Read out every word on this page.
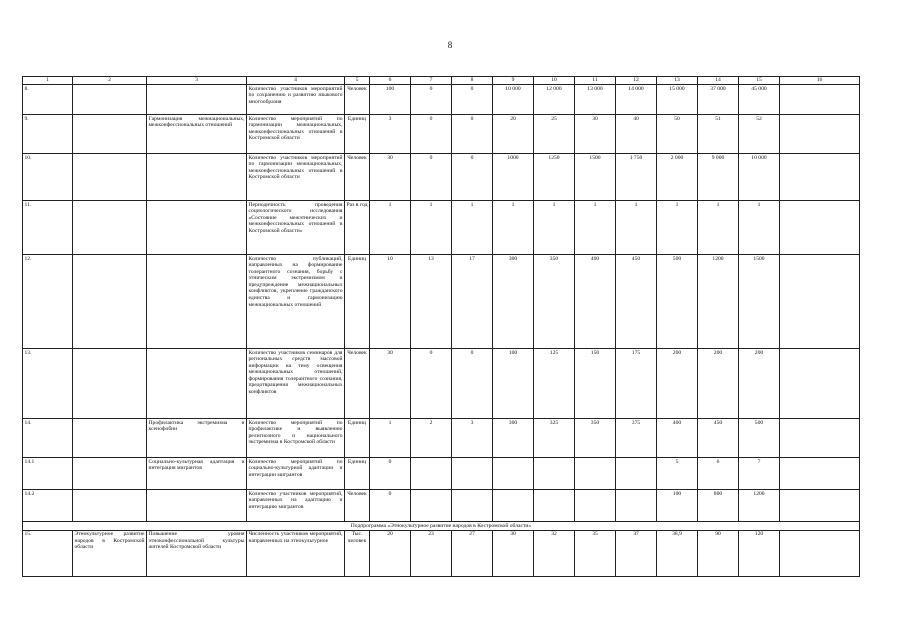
8
1	2	3	4	5	6	7	8	9	10	11	12	13	14	15	16
8.			Количество участников мероприятий по сохранению и развитию языкового многообразия	Человек	100	0	0	10 000	12 000	13 000	14 000	15 000	37 000	45 000	
9.		Гармонизация межнациональных, межконфессиональных отношений	Количество мероприятий по гармонизации межнациональных, межконфессиональных отношений в Костромской области	Единиц	3	0	0	20	25	30	40	50	51	52	
10.			Количество участников мероприятий по гармонизации межнациональных, межконфессиональных отношений в Костромской области	Человек	30	0	0	1000	1250	1500	1 750	2 000	9 000	10 000	
11.			Периодичность проведения социологического исследования «Состояние межэтнических и межконфессиональных отношений в Костромской области»	Раз в год	1	1	1	1	1	1	1	1	1	1	
12.			Количество публикаций, направленных на формирование толерантного сознания, борьбу с этническим экстремизмом и предупреждение межнациональных конфликтов, укрепление гражданского единства и гармонизацию межнациональных отношений	Единиц	10	13	17	300	350	400	450	500	1200	1500	
13.			Количество участников семинаров для региональных средств массовой информации на тему освещения межнациональных отношений, формирования толерантного сознания, предотвращения межнациональных конфликтов	Человек	30	0	0	100	125	150	175	200	200	200	
14.		Профилактика экстремизма и ксенофобии	Количество мероприятий по профилактике и выявлению религиозного и национального экстремизма в Костромской области	Единиц	1	2	3	300	325	350	375	400	450	500	
14.1		Социально-культурная адаптация и интеграция мигрантов	Количество мероприятий по социально-культурной адаптации и интеграции мигрантов	Единиц	0							5	6	7	
14.2			Количество участников мероприятий, направленных на адаптацию и интеграцию мигрантов	Человек	0							100	800	1200	
Подпрограмма «Этнокультурное развитие народов в Костромской области»															
15.	Этнокультурное развитие народов в Костромской области	Повышение уровня этноконфессиональной культуры жителей Костромской области	Численность участников мероприятий, направленных на этнокультурное	Тыс. человек	20	23	27	30	32	35	37	38,9	90	120	
